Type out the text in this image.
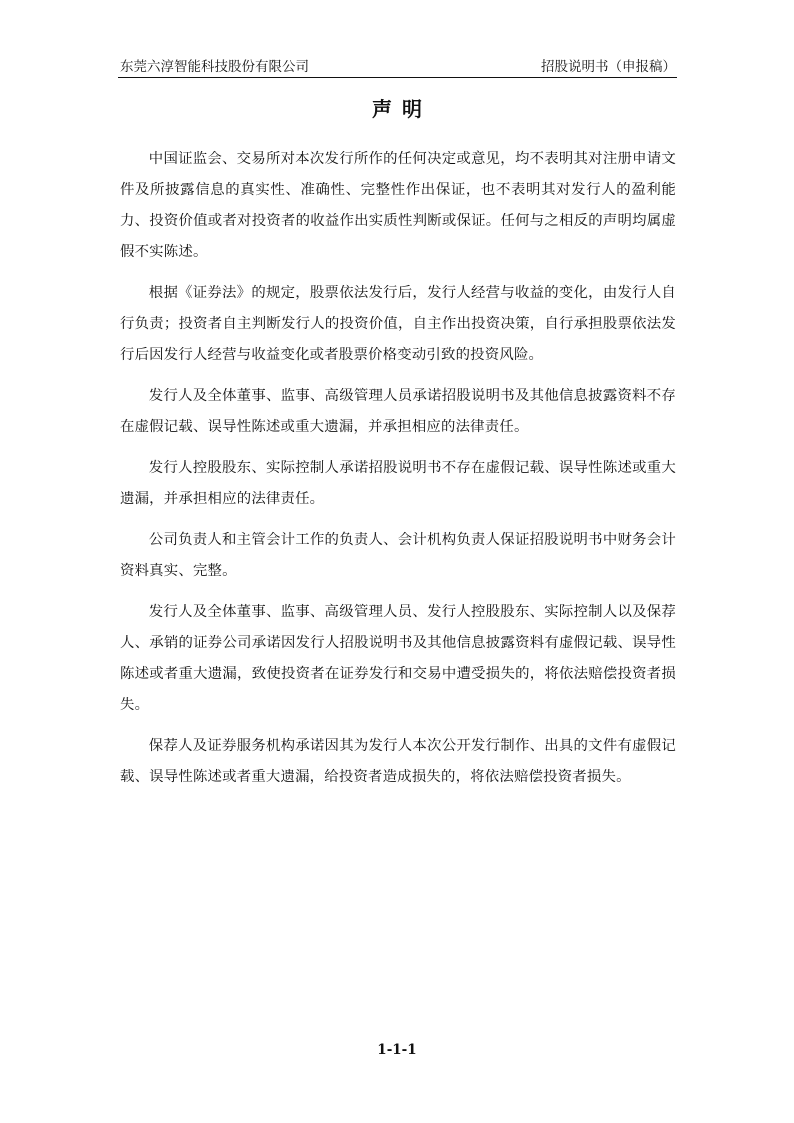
东莞六淳智能科技股份有限公司	招股说明书（申报稿）
声明

中国证监会、交易所对本次发行所作的任何决定或意见，均不表明其对注册申请文件及所披露信息的真实性、准确性、完整性作出保证，也不表明其对发行人的盈利能力、投资价值或者对投资者的收益作出实质性判断或保证。任何与之相反的声明均属虚假不实陈述。

根据《证券法》的规定，股票依法发行后，发行人经营与收益的变化，由发行人自行负责；投资者自主判断发行人的投资价值，自主作出投资决策，自行承担股票依法发行后因发行人经营与收益变化或者股票价格变动引致的投资风险。

发行人及全体董事、监事、高级管理人员承诺招股说明书及其他信息披露资料不存在虚假记载、误导性陈述或重大遗漏，并承担相应的法律责任。

发行人控股股东、实际控制人承诺招股说明书不存在虚假记载、误导性陈述或重大遗漏，并承担相应的法律责任。

公司负责人和主管会计工作的负责人、会计机构负责人保证招股说明书中财务会计资料真实、完整。

发行人及全体董事、监事、高级管理人员、发行人控股股东、实际控制人以及保荐人、承销的证券公司承诺因发行人招股说明书及其他信息披露资料有虚假记载、误导性陈述或者重大遗漏，致使投资者在证券发行和交易中遭受损失的，将依法赔偿投资者损失。

保荐人及证券服务机构承诺因其为发行人本次公开发行制作、出具的文件有虚假记载、误导性陈述或者重大遗漏，给投资者造成损失的，将依法赔偿投资者损失。

1-1-1
